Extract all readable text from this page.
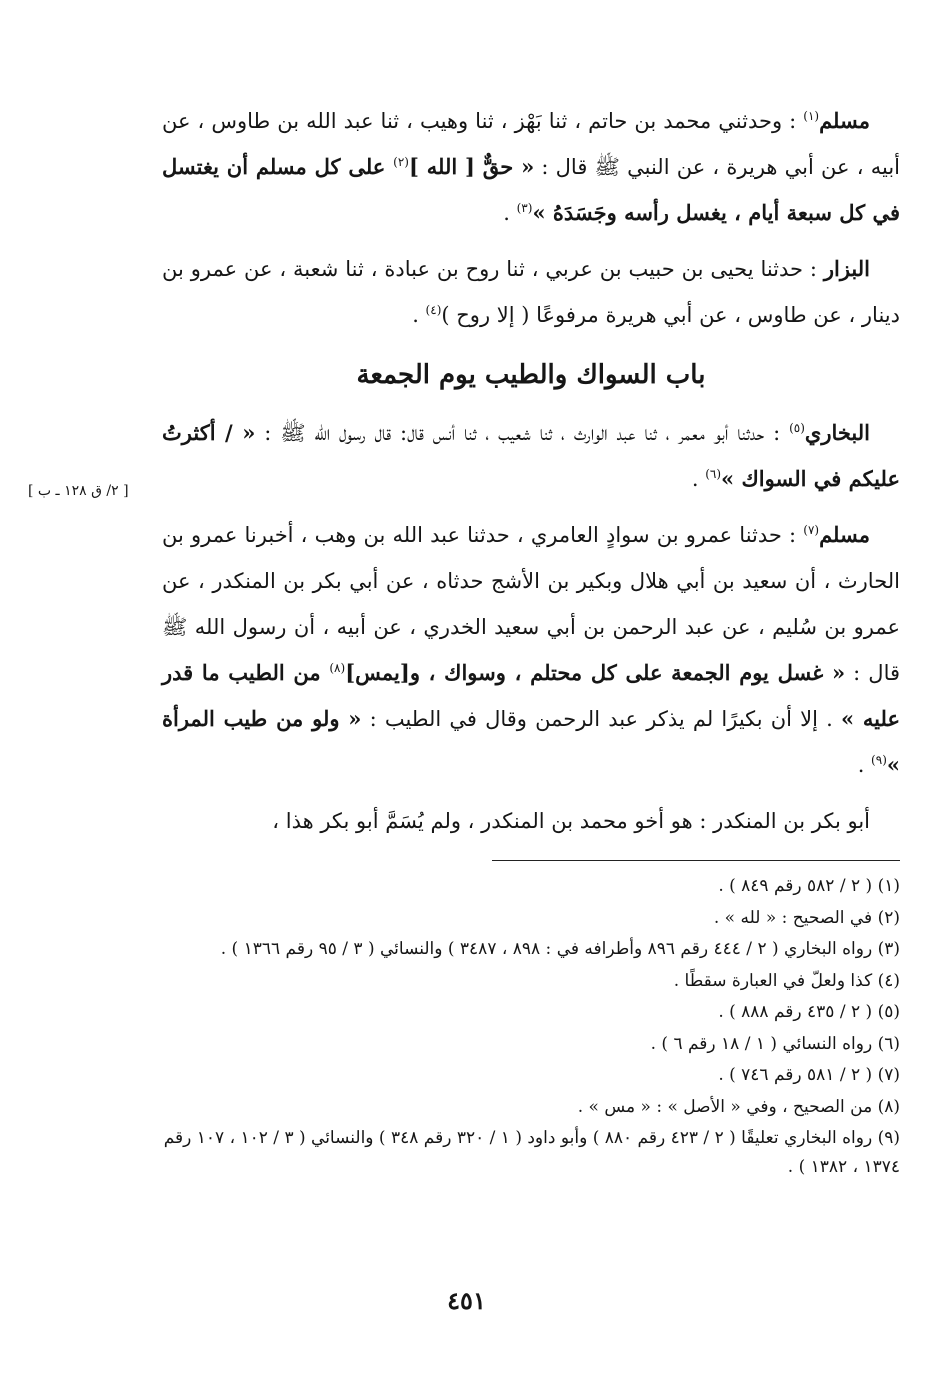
مسلم$^{(١)}$ : وحدثني محمد بن حاتم ، ثنا بَهْز ، ثنا وهيب ، ثنا عبد الله بن طاوس ، عن أبيه ، عن أبي هريرة ، عن النبي ﷺ قال : « حقٌّ [ الله ]$^{(٢)}$ على كل مسلم أن يغتسل في كل سبعة أيام ، يغسل رأسه وجَسَدَهُ »$^{(٣)}$ .

البزار : حدثنا يحيى بن حبيب بن عربي ، ثنا روح بن عبادة ، ثنا شعبة ، عن عمرو بن دينار ، عن طاوس ، عن أبي هريرة مرفوعًا ( إلا روح )$^{(٤)}$ .

باب السواك والطيب يوم الجمعة

البخاري$^{(٥)}$ : حدثنا أبو معمر ، ثنا عبد الوارث ، ثنا شعيب ، ثنا أنس قال: قال رسول الله ﷺ : « / أكثرتُ عليكم في السواك »$^{(٦)}$ .

مسلم$^{(٧)}$ : حدثنا عمرو بن سوادٍ العامري ، حدثنا عبد الله بن وهب ، أخبرنا عمرو بن الحارث ، أن سعيد بن أبي هلال وبكير بن الأشج حدثاه ، عن أبي بكر بن المنكدر ، عن عمرو بن سُليم ، عن عبد الرحمن بن أبي سعيد الخدري ، عن أبيه ، أن رسول الله ﷺ قال : « غسل يوم الجمعة على كل محتلم ، وسواك ، و[يمس]$^{(٨)}$ من الطيب ما قدر عليه » . إلا أن بكيرًا لم يذكر عبد الرحمن وقال في الطيب : « ولو من طيب المرأة »$^{(٩)}$ .

أبو بكر بن المنكدر : هو أخو محمد بن المنكدر ، ولم يُسَمَّ أبو بكر هذا ،

[ ٢/ ق ١٢٨ ـ ب ]
(١) ( ٢ / ٥٨٢ رقم ٨٤٩ ) .
(٢) في الصحيح : « لله » .
(٣) رواه البخاري ( ٢ / ٤٤٤ رقم ٨٩٦ وأطرافه في : ٨٩٨ ، ٣٤٨٧ ) والنسائي ( ٣ / ٩٥ رقم ١٣٦٦ ) .
(٤) كذا ولعلّ في العبارة سقطًا .
(٥) ( ٢ / ٤٣٥ رقم ٨٨٨ ) .
(٦) رواه النسائي ( ١ / ١٨ رقم ٦ ) .
(٧) ( ٢ / ٥٨١ رقم ٧٤٦ ) .
(٨) من الصحيح ، وفي « الأصل » : « مس » .
(٩) رواه البخاري تعليقًا ( ٢ / ٤٢٣ رقم ٨٨٠ ) وأبو داود ( ١ / ٣٢٠ رقم ٣٤٨ ) والنسائي ( ٣ / ١٠٢ ، ١٠٧ رقم ١٣٧٤ ، ١٣٨٢ ) .
٤٥١
